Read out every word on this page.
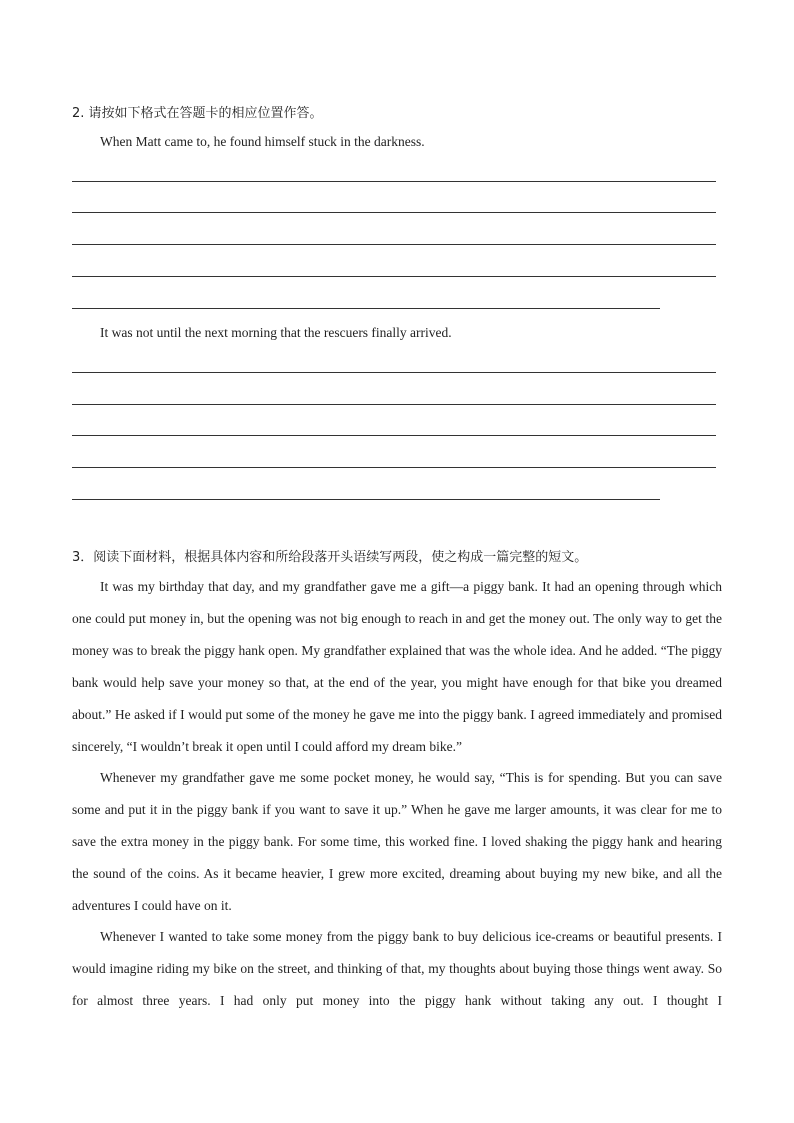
2. 请按如下格式在答题卡的相应位置作答。
When Matt came to, he found himself stuck in the darkness.
It was not until the next morning that the rescuers finally arrived.
3．阅读下面材料，根据具体内容和所给段落开头语续写两段，使之构成一篇完整的短文。

It was my birthday that day, and my grandfather gave me a gift—a piggy bank. It had an opening through which one could put money in, but the opening was not big enough to reach in and get the money out. The only way to get the money was to break the piggy hank open. My grandfather explained that was the whole idea. And he added. “The piggy bank would help save your money so that, at the end of the year, you might have enough for that bike you dreamed about.” He asked if I would put some of the money he gave me into the piggy bank. I agreed immediately and promised sincerely, “I wouldn’t break it open until I could afford my dream bike.”

Whenever my grandfather gave me some pocket money, he would say, “This is for spending. But you can save some and put it in the piggy bank if you want to save it up.” When he gave me larger amounts, it was clear for me to save the extra money in the piggy bank. For some time, this worked fine. I loved shaking the piggy hank and hearing the sound of the coins. As it became heavier, I grew more excited, dreaming about buying my new bike, and all the adventures I could have on it.

Whenever I wanted to take some money from the piggy bank to buy delicious ice-creams or beautiful presents. I would imagine riding my bike on the street, and thinking of that, my thoughts about buying those things went away. So for almost three years. I had only put money into the piggy hank without taking any out. I thought I
